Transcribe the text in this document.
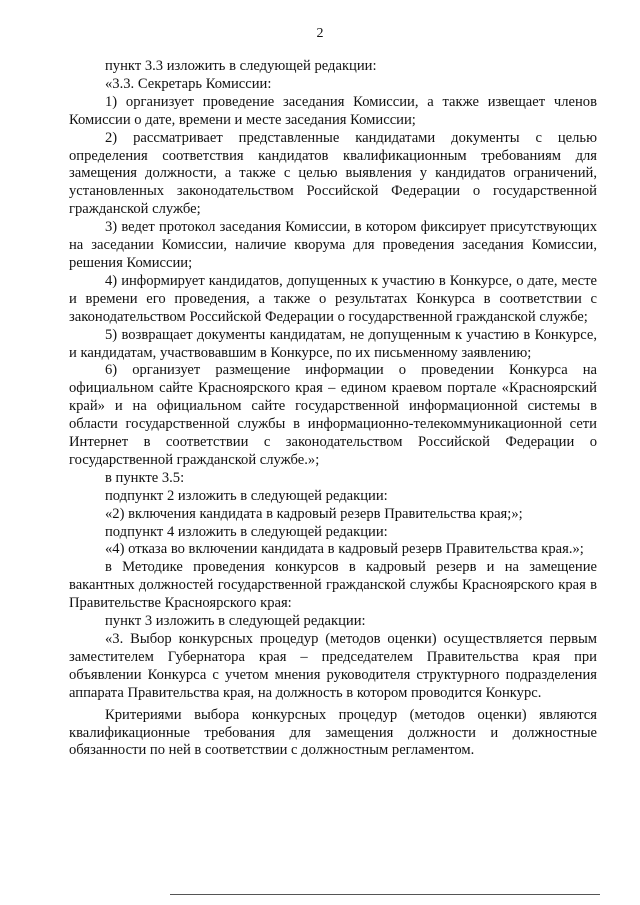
2

пункт 3.3 изложить в следующей редакции:

«3.3. Секретарь Комиссии:

1) организует проведение заседания Комиссии, а также извещает членов Комиссии о дате, времени и месте заседания Комиссии;

2) рассматривает представленные кандидатами документы с целью определения соответствия кандидатов квалификационным требованиям для замещения должности, а также с целью выявления у кандидатов ограничений, установленных законодательством Российской Федерации о государственной гражданской службе;

3) ведет протокол заседания Комиссии, в котором фиксирует присутствующих на заседании Комиссии, наличие кворума для проведения заседания Комиссии, решения Комиссии;

4) информирует кандидатов, допущенных к участию в Конкурсе, о дате, месте и времени его проведения, а также о результатах Конкурса в соответствии с законодательством Российской Федерации о государственной гражданской службе;

5) возвращает документы кандидатам, не допущенным к участию в Конкурсе, и кандидатам, участвовавшим в Конкурсе, по их письменному заявлению;

6) организует размещение информации о проведении Конкурса на официальном сайте Красноярского края – едином краевом портале «Красноярский край» и на официальном сайте государственной информационной системы в области государственной службы в информационно-телекоммуникационной сети Интернет в соответствии с законодательством Российской Федерации о государственной гражданской службе.»;

в пункте 3.5:

подпункт 2 изложить в следующей редакции:

«2) включения кандидата в кадровый резерв Правительства края;»;

подпункт 4 изложить в следующей редакции:

«4) отказа во включении кандидата в кадровый резерв Правительства края.»;

в Методике проведения конкурсов в кадровый резерв и на замещение вакантных должностей государственной гражданской службы Красноярского края в Правительстве Красноярского края:

пункт 3 изложить в следующей редакции:

«3. Выбор конкурсных процедур (методов оценки) осуществляется первым заместителем Губернатора края – председателем Правительства края при объявлении Конкурса с учетом мнения руководителя структурного подразделения аппарата Правительства края, на должность в котором проводится Конкурс.

Критериями выбора конкурсных процедур (методов оценки) являются квалификационные требования для замещения должности и должностные обязанности по ней в соответствии с должностным регламентом.
